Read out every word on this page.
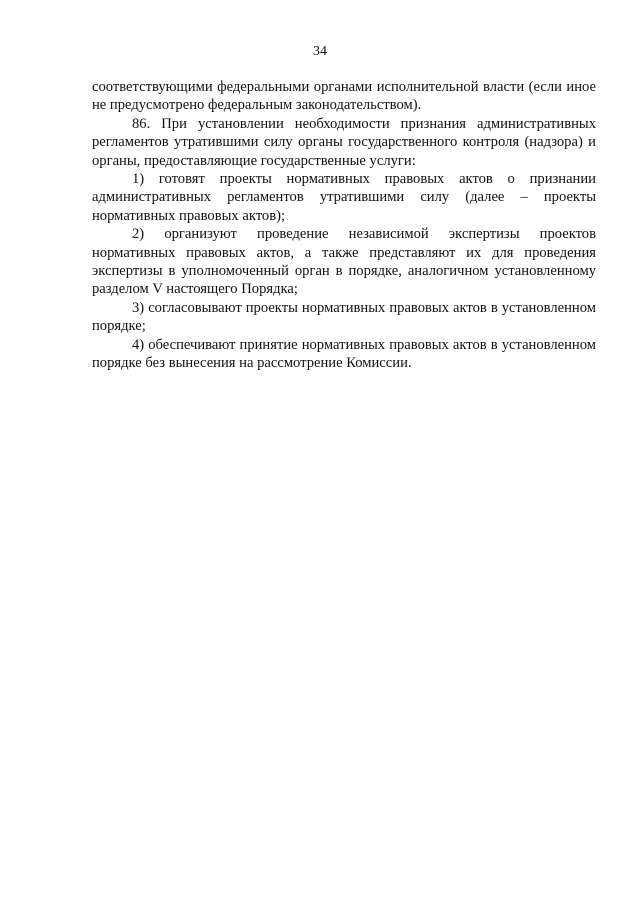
34

соответствующими федеральными органами исполнительной власти (если иное не предусмотрено федеральным законодательством).

86. При установлении необходимости признания административных регламентов утратившими силу органы государственного контроля (надзора) и органы, предоставляющие государственные услуги:

1) готовят проекты нормативных правовых актов о признании административных регламентов утратившими силу (далее – проекты нормативных правовых актов);

2) организуют проведение независимой экспертизы проектов нормативных правовых актов, а также представляют их для проведения экспертизы в уполномоченный орган в порядке, аналогичном установленному разделом V настоящего Порядка;

3) согласовывают проекты нормативных правовых актов в установленном порядке;

4) обеспечивают принятие нормативных правовых актов в установленном порядке без вынесения на рассмотрение Комиссии.
